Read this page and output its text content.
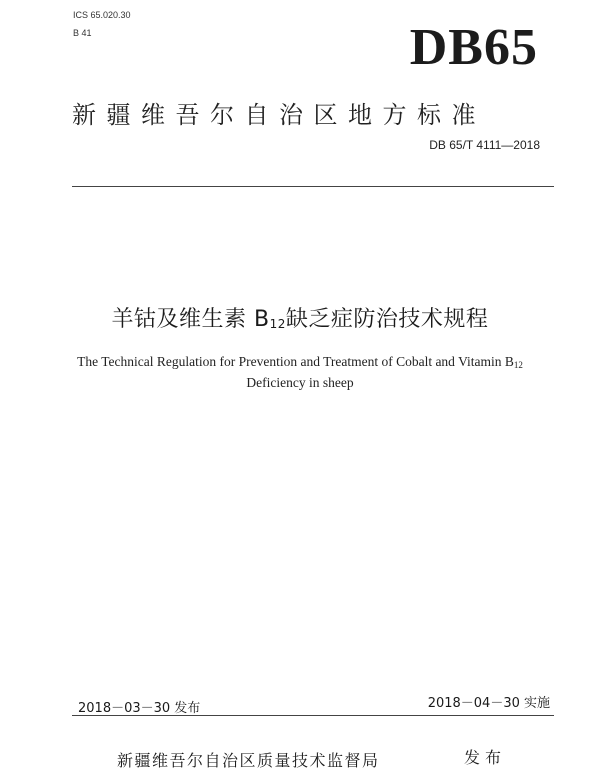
ICS 65.020.30
B 41	DB65
新疆维吾尔自治区地方标准
DB 65/T 4111—2018
羊钴及维生素 B12缺乏症防治技术规程
The Technical Regulation for Prevention and Treatment of Cobalt and Vitamin $B_{12}$
Deficiency in sheep
2018－03－30 发布	2018－04－30 实施
新疆维吾尔自治区质量技术监督局	发布
